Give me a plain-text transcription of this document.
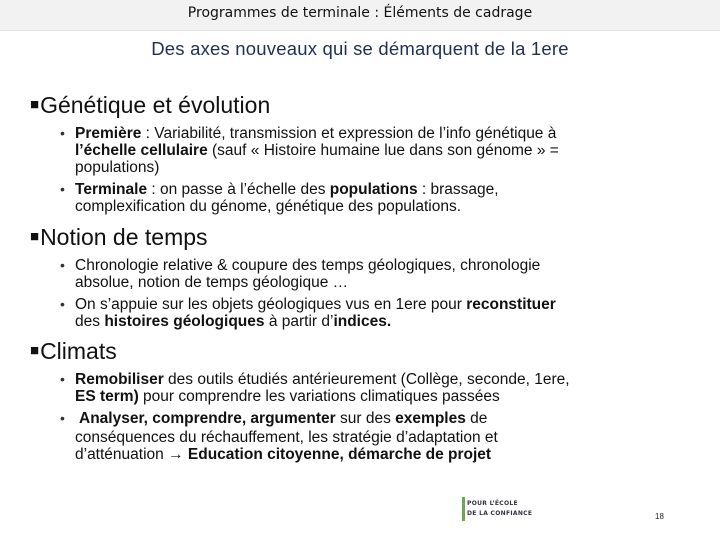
Programmes de terminale : Éléments de cadrage
Des axes nouveaux qui se démarquent de la 1ere
■Génétique et évolution
• Première : Variabilité, transmission et expression de l’info génétique à
l’échelle cellulaire (sauf « Histoire humaine lue dans son génome » =
populations)
• Terminale : on passe à l’échelle des populations : brassage,
complexification du génome, génétique des populations.
■Notion de temps
• Chronologie relative & coupure des temps géologiques, chronologie
absolue, notion de temps géologique …
• On s’appuie sur les objets géologiques vus en 1ere pour reconstituer
des histoires géologiques à partir d’indices.
■Climats
• Remobiliser des outils étudiés antérieurement (Collège, seconde, 1ere,
ES term) pour comprendre les variations climatiques passées
• Analyser, comprendre, argumenter sur des exemples de
conséquences du réchauffement, les stratégie d’adaptation et
d’atténuation → Education citoyenne, démarche de projet
POUR L’ÉCOLE
DE LA CONFIANCE	18
